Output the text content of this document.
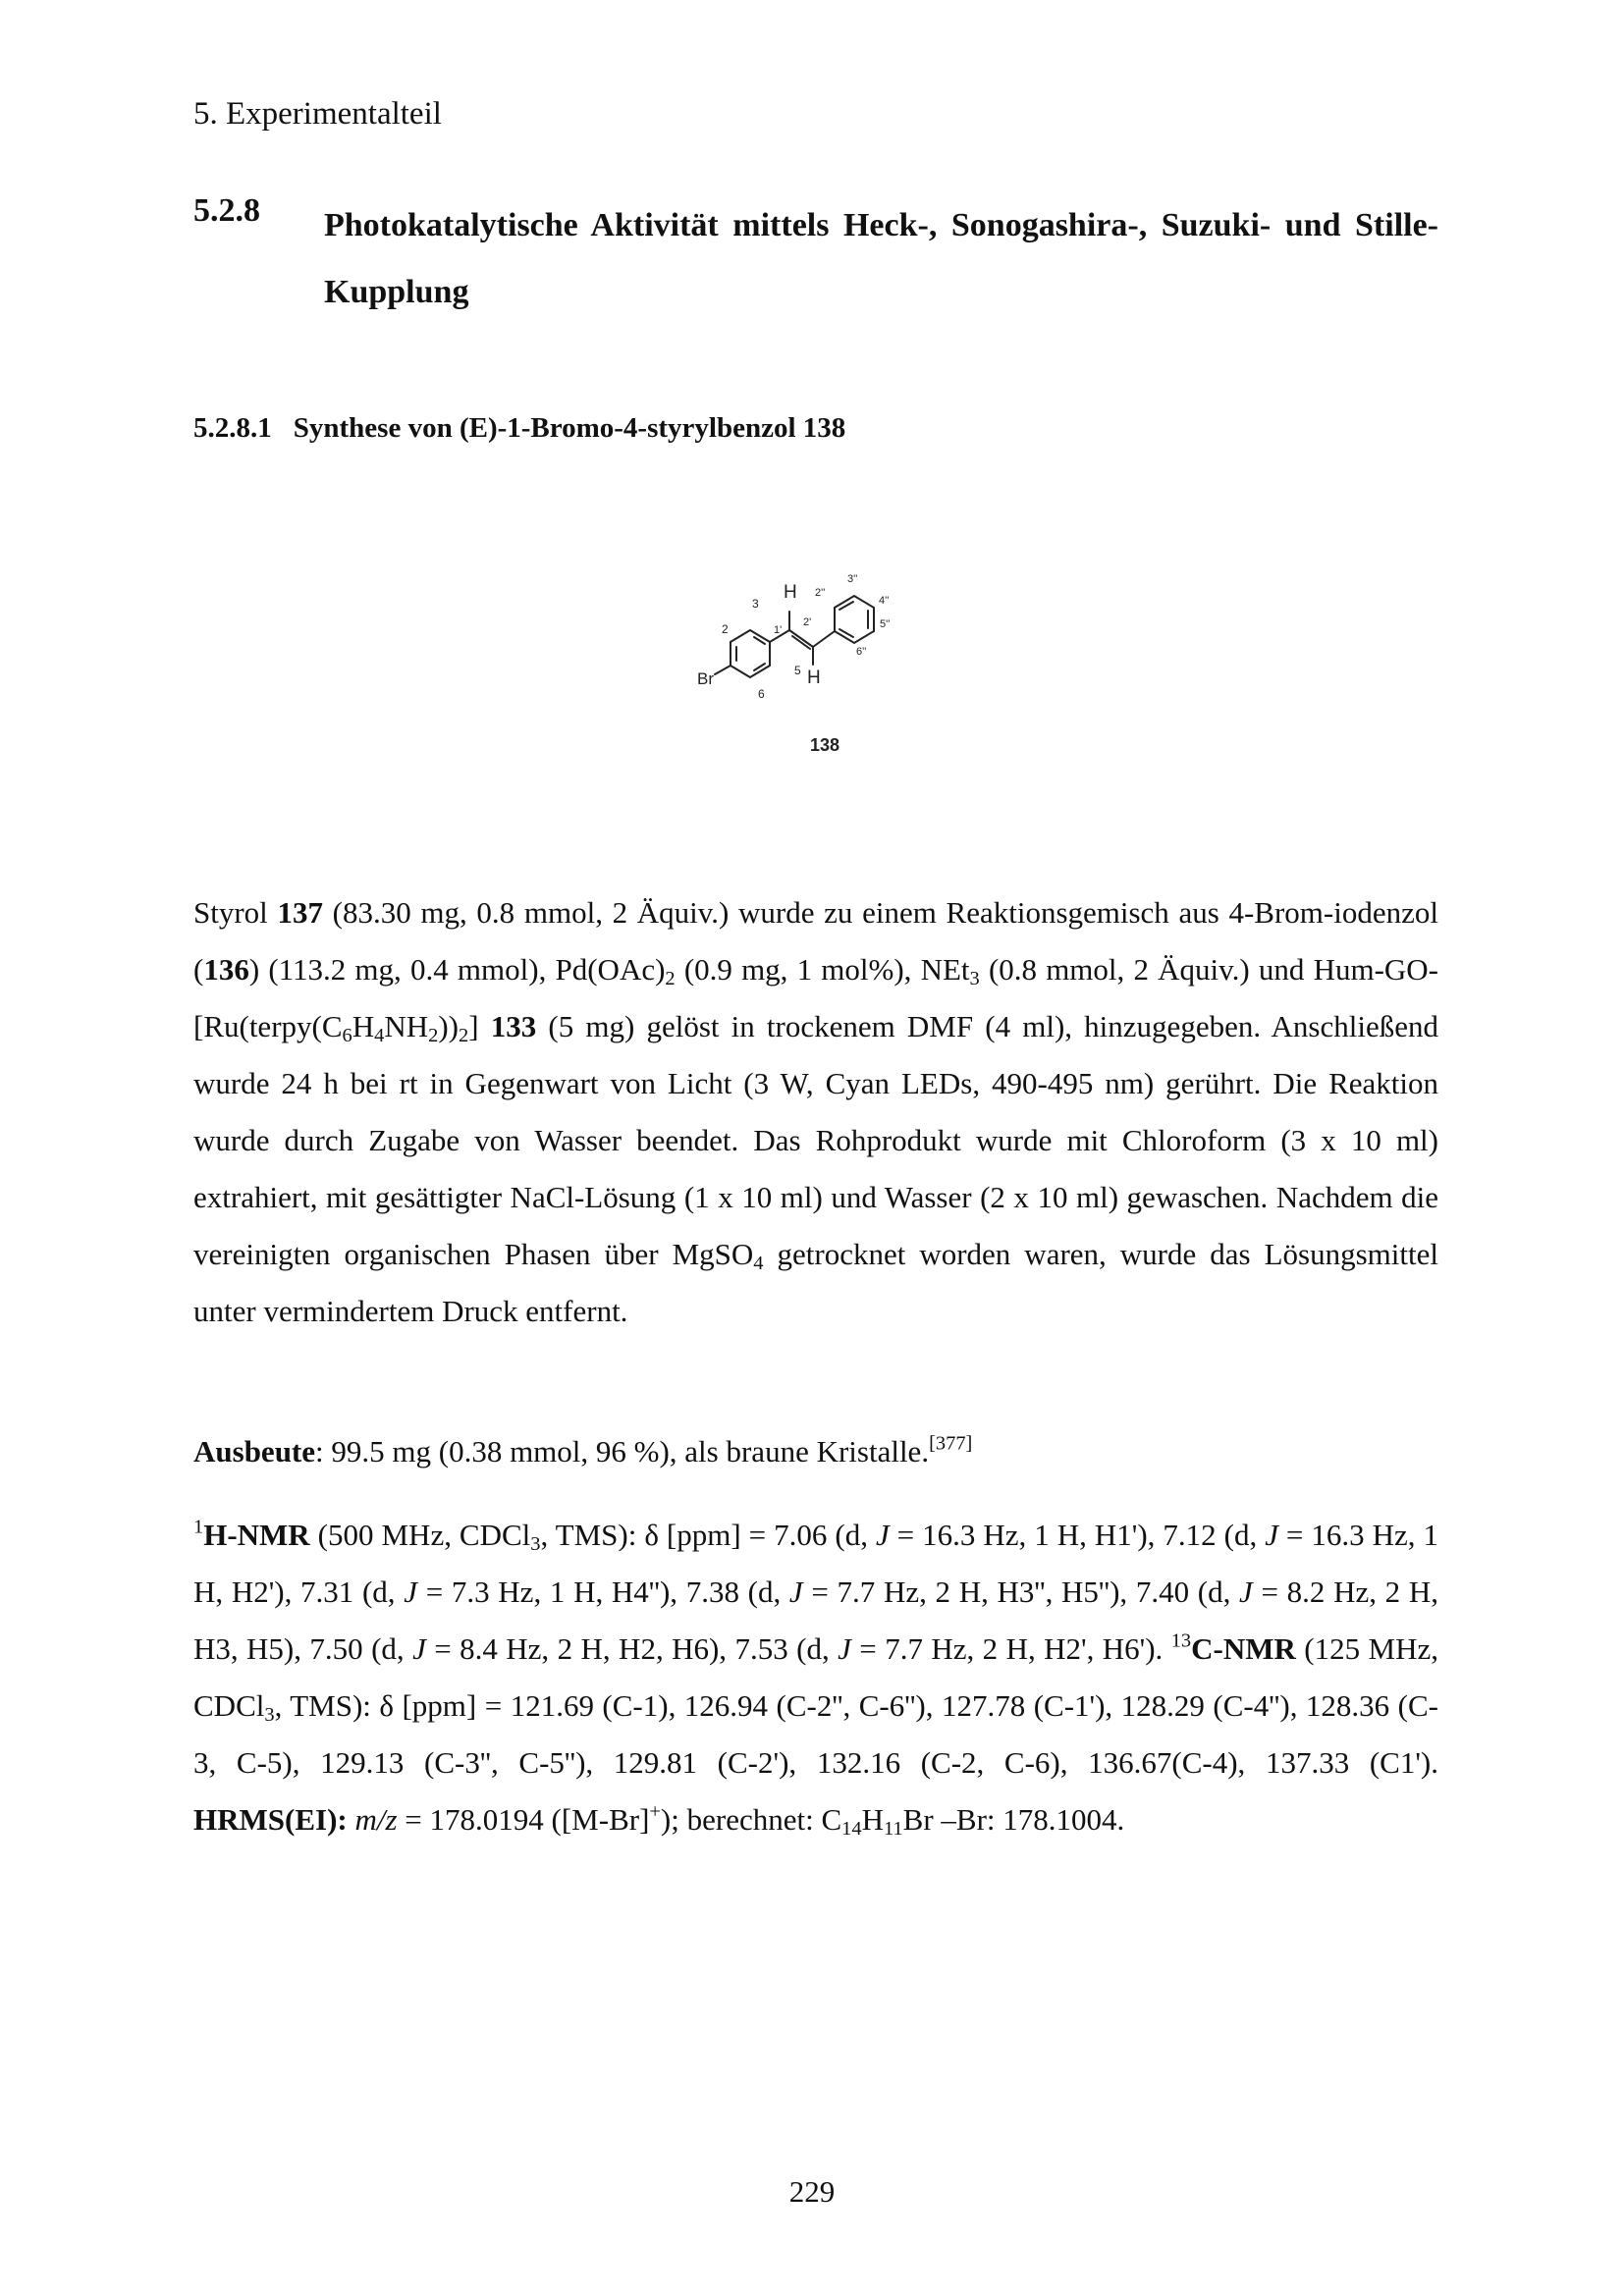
5. Experimentalteil
5.2.8 Photokatalytische Aktivität mittels Heck-, Sonogashira-, Suzuki- und Stille-Kupplung
5.2.8.1 Synthese von (E)-1-Bromo-4-styrylbenzol 138
Br
H
H
2
3
5
6
1'
2'
2''
3''
4''
5''
6''
138
Styrol 137 (83.30 mg, 0.8 mmol, 2 Äquiv.) wurde zu einem Reaktionsgemisch aus 4-Brom-iodenzol (136) (113.2 mg, 0.4 mmol), $Pd(OAc)_2$ (0.9 mg, 1 mol%), NEt$_3$ (0.8 mmol, 2 Äquiv.) und Hum-$GO-[Ru(terpy(C_6H_4NH_2))_2]$ 133 (5 mg) gelöst in trockenem DMF (4 ml), hinzugegeben. Anschließend wurde 24 h bei rt in Gegenwart von Licht (3 W, Cyan LEDs, 490-495 nm) gerührt. Die Reaktion wurde durch Zugabe von Wasser beendet. Das Rohprodukt wurde mit Chloroform (3 x 10 ml) extrahiert, mit gesättigter NaCl-Lösung (1 x 10 ml) und Wasser (2 x 10 ml) gewaschen. Nachdem die vereinigten organischen Phasen über MgSO$_4$ getrocknet worden waren, wurde das Lösungsmittel unter vermindertem Druck entfernt.
Ausbeute: 99.5 mg (0.38 mmol, 96 %), als braune Kristalle.[377]
$^1$H-NMR (500 MHz, CDCl$_3$, TMS): δ [ppm] = 7.06 (d, J = 16.3 Hz, 1 H, H1'), 7.12 (d, J = 16.3 Hz, 1 H, H2'), 7.31 (d, J = 7.3 Hz, 1 H, H4''), 7.38 (d, J = 7.7 Hz, 2 H, H3'', H5''), 7.40 (d, J = 8.2 Hz, 2 H, H3, H5), 7.50 (d, J = 8.4 Hz, 2 H, H2, H6), 7.53 (d, J = 7.7 Hz, 2 H, H2', H6'). $^{13}$C-NMR (125 MHz, CDCl$_3$, TMS): δ [ppm] = 121.69 (C-1), 126.94 (C-2'', C-6''), 127.78 (C-1'), 128.29 (C-4''), 128.36 (C-3, C-5), 129.13 (C-3'', C-5''), 129.81 (C-2'), 132.16 (C-2, C-6), 136.67(C-4), 137.33 (C1'). HRMS(EI): m/z = 178.0194 ([M-Br]+); berechnet: $C_{14}H_{11}Br$ –Br: 178.1004.
229
